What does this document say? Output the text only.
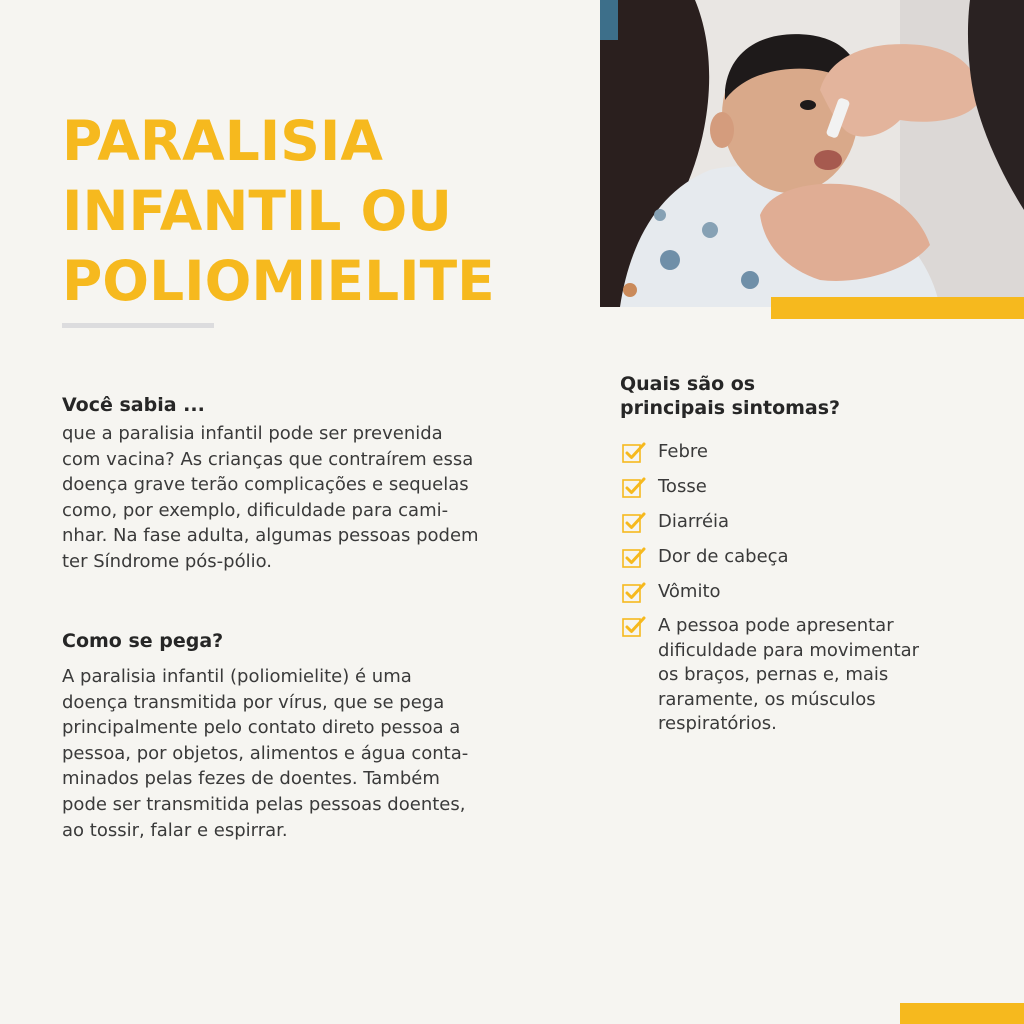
PARALISIA
INFANTIL OU
POLIOMIELITE
Você sabia ...

que a paralisia infantil pode ser prevenida
com vacina? As crianças que contraírem essa
doença grave terão complicações e sequelas
como, por exemplo, dificuldade para cami-
nhar. Na fase adulta, algumas pessoas podem
ter Síndrome pós-pólio.

Como se pega?

A paralisia infantil (poliomielite) é uma
doença transmitida por vírus, que se pega
principalmente pelo contato direto pessoa a
pessoa, por objetos, alimentos e água conta-
minados pelas fezes de doentes. Também
pode ser transmitida pelas pessoas doentes,
ao tossir, falar e espirrar.

Quais são os
principais sintomas?
Febre
Tosse
Diarréia
Dor de cabeça
Vômito
A pessoa pode apresentar
dificuldade para movimentar
os braços, pernas e, mais
raramente, os músculos
respiratórios.
